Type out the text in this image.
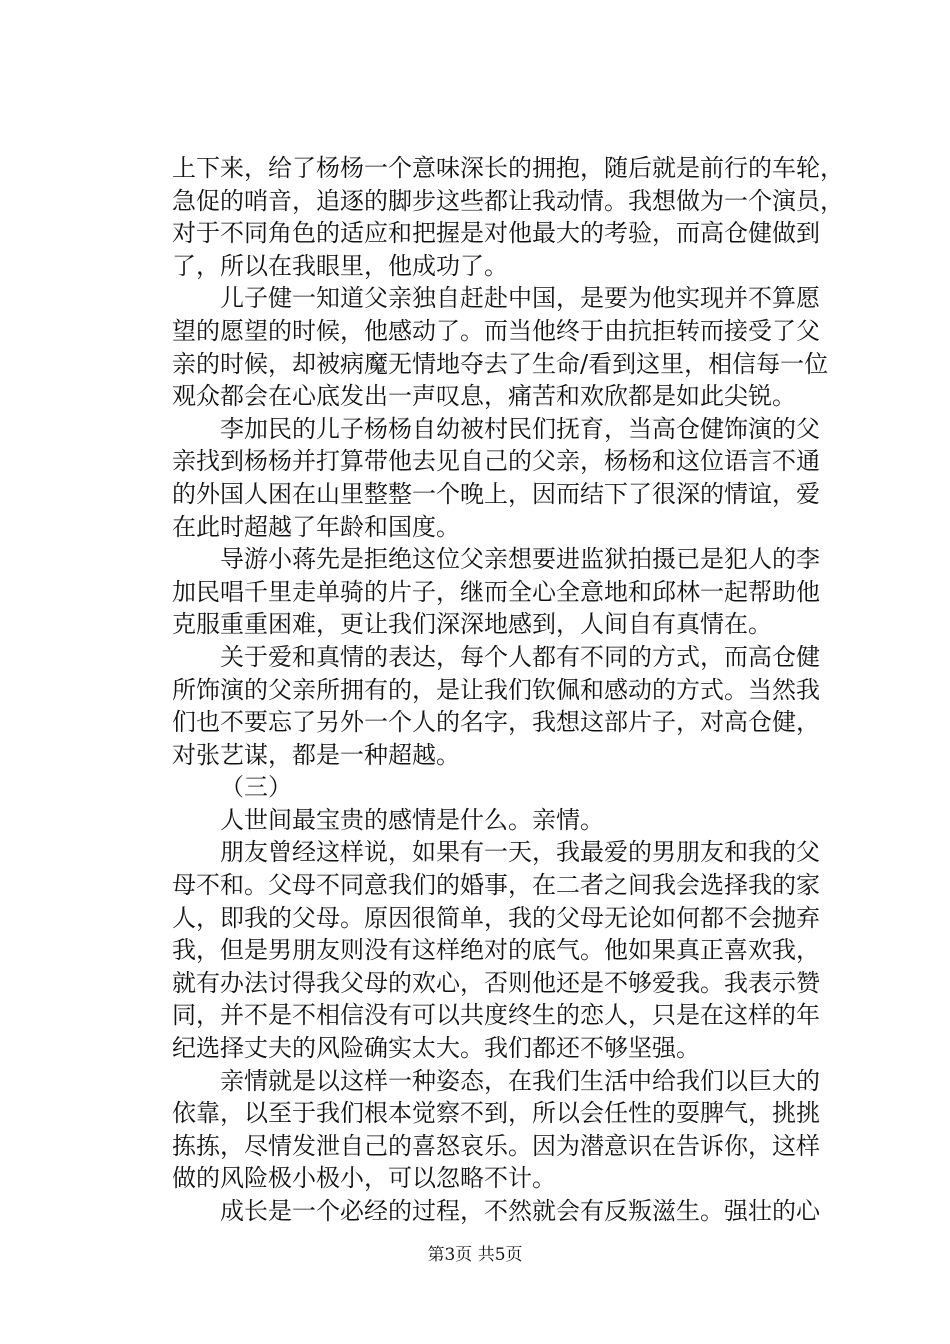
上下来，给了杨杨一个意味深长的拥抱，随后就是前行的车轮，
急促的哨音，追逐的脚步这些都让我动情。我想做为一个演员，
对于不同角色的适应和把握是对他最大的考验，而高仓健做到
了，所以在我眼里，他成功了。
儿子健一知道父亲独自赶赴中国，是要为他实现并不算愿
望的愿望的时候，他感动了。而当他终于由抗拒转而接受了父
亲的时候，却被病魔无情地夺去了生命/看到这里，相信每一位
观众都会在心底发出一声叹息，痛苦和欢欣都是如此尖锐。
李加民的儿子杨杨自幼被村民们抚育，当高仓健饰演的父
亲找到杨杨并打算带他去见自己的父亲，杨杨和这位语言不通
的外国人困在山里整整一个晚上，因而结下了很深的情谊，爱
在此时超越了年龄和国度。
导游小蒋先是拒绝这位父亲想要进监狱拍摄已是犯人的李
加民唱千里走单骑的片子，继而全心全意地和邱林一起帮助他
克服重重困难，更让我们深深地感到，人间自有真情在。
关于爱和真情的表达，每个人都有不同的方式，而高仓健
所饰演的父亲所拥有的，是让我们钦佩和感动的方式。当然我
们也不要忘了另外一个人的名字，我想这部片子，对高仓健，
对张艺谋，都是一种超越。
（三）
人世间最宝贵的感情是什么。亲情。
朋友曾经这样说，如果有一天，我最爱的男朋友和我的父
母不和。父母不同意我们的婚事，在二者之间我会选择我的家
人，即我的父母。原因很简单，我的父母无论如何都不会抛弃
我，但是男朋友则没有这样绝对的底气。他如果真正喜欢我，
就有办法讨得我父母的欢心，否则他还是不够爱我。我表示赞
同，并不是不相信没有可以共度终生的恋人，只是在这样的年
纪选择丈夫的风险确实太大。我们都还不够坚强。
亲情就是以这样一种姿态，在我们生活中给我们以巨大的
依靠，以至于我们根本觉察不到，所以会任性的耍脾气，挑挑
拣拣，尽情发泄自己的喜怒哀乐。因为潜意识在告诉你，这样
做的风险极小极小，可以忽略不计。
成长是一个必经的过程，不然就会有反叛滋生。强壮的心
第3页 共5页
